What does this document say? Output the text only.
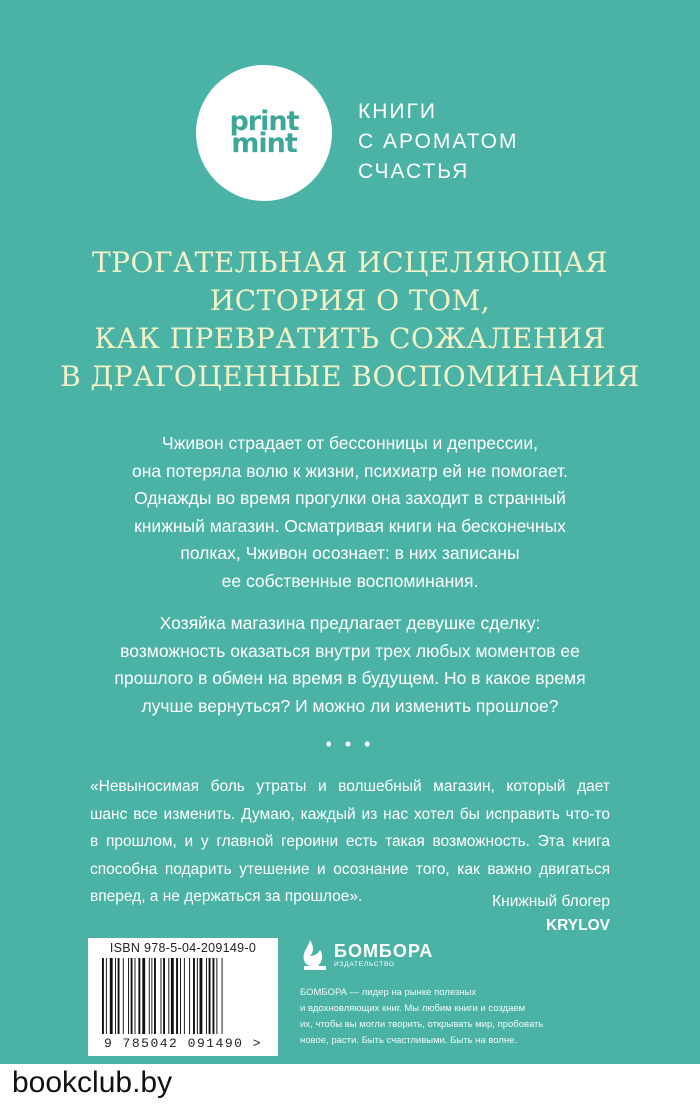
print
mint
КНИГИ
С АРОМАТОМ
СЧАСТЬЯ
ТРОГАТЕЛЬНАЯ ИСЦЕЛЯЮЩАЯ
ИСТОРИЯ О ТОМ,
КАК ПРЕВРАТИТЬ СОЖАЛЕНИЯ
В ДРАГОЦЕННЫЕ ВОСПОМИНАНИЯ
Чживон страдает от бессонницы и депрессии,
она потеряла волю к жизни, психиатр ей не помогает.
Однажды во время прогулки она заходит в странный
книжный магазин. Осматривая книги на бесконечных
полках, Чживон осознает: в них записаны
ее собственные воспоминания.
Хозяйка магазина предлагает девушке сделку:
возможность оказаться внутри трех любых моментов ее
прошлого в обмен на время в будущем. Но в какое время
лучше вернуться? И можно ли изменить прошлое?
• • •
«Невыносимая боль утраты и волшебный магазин, который дает
шанс все изменить. Думаю, каждый из нас хотел бы исправить что-то
в прошлом, и у главной героини есть такая возможность. Эта книга
способна подарить утешение и осознание того, как важно двигаться
вперед, а не держаться за прошлое».	Книжный блогер
KRYLOV
ISBN 978-5-04-209149-0
9 785042 091490 >
БОМБОРА
ИЗДАТЕЛЬСТВО
БОМБОРА — лидер на рынке полезных
и вдохновляющих книг. Мы любим книги и создаем
их, чтобы вы могли творить, открывать мир, пробовать
новое, расти. Быть счастливыми. Быть на волне.
bookclub.by
